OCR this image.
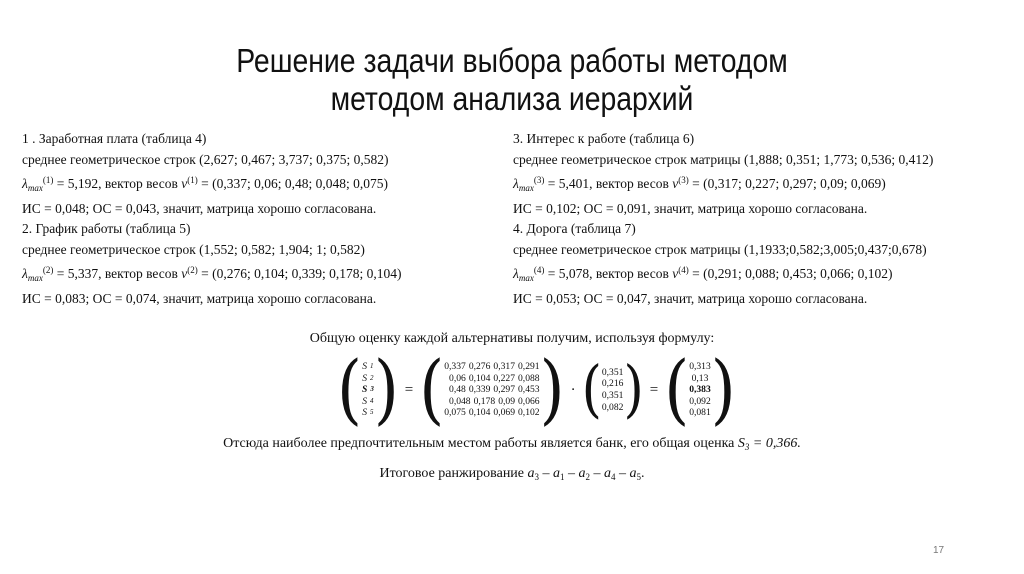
Решение задачи выбора работы методом
методом анализа иерархий
1 . Заработная плата (таблица 4)
среднее геометрическое строк (2,627; 0,467; 3,737; 0,375; 0,582)
$\lambda_{max}^{(1)} = 5,192$, вектор весов $v^{(1)} = (0,337$; 0,06; 0,48; 0,048; 0,075)
ИС = 0,048; ОС = 0,043, значит, матрица хорошо согласована.
2. График работы (таблица 5)
среднее геометрическое строк (1,552; 0,582; 1,904; 1; 0,582)
$\lambda_{max}^{(2)} = 5,337$, вектор весов $v^{(2)} = (0,276$; 0,104; 0,339; 0,178; 0,104)
ИС = 0,083; ОС = 0,074, значит, матрица хорошо согласована.
3. Интерес к работе (таблица 6)
среднее геометрическое строк матрицы (1,888; 0,351; 1,773; 0,536; 0,412)
$\lambda_{max}^{(3)} = 5,401$, вектор весов $v^{(3)} = (0,317$; 0,227; 0,297; 0,09; 0,069)
ИС = 0,102; ОС = 0,091, значит, матрица хорошо согласована.
4. Дорога (таблица 7)
среднее геометрическое строк матрицы (1,1933;0,582;3,005;0,437;0,678)
$\lambda_{max}^{(4)} = 5,078$, вектор весов $v^{(4)} = (0,291$; 0,088; 0,453; 0,066; 0,102)
ИС = 0,053; ОС = 0,047, значит, матрица хорошо согласована.
Общую оценку каждой альтернативы получим, используя формулу:
( S 1
S 2
S 3
S 4
S 5 ) = ( 0,337 0,276 0,317 0,291
0,06 0,104 0,227 0,088
0,48 0,339 0,297 0,453
0,048 0,178 0,09 0,066
0,075 0,104 0,069 0,102 ) · ( 0,351
0,216
0,351
0,082 ) = ( 0,313
0,13
0,383
0,092
0,081 )
Отсюда наиболее предпочтительным местом работы является банк, его общая оценка $S_3 = 0,366$.
Итоговое ранжирование $a_3 - a_1 - a_2 - a_4 - a_5$.
17
